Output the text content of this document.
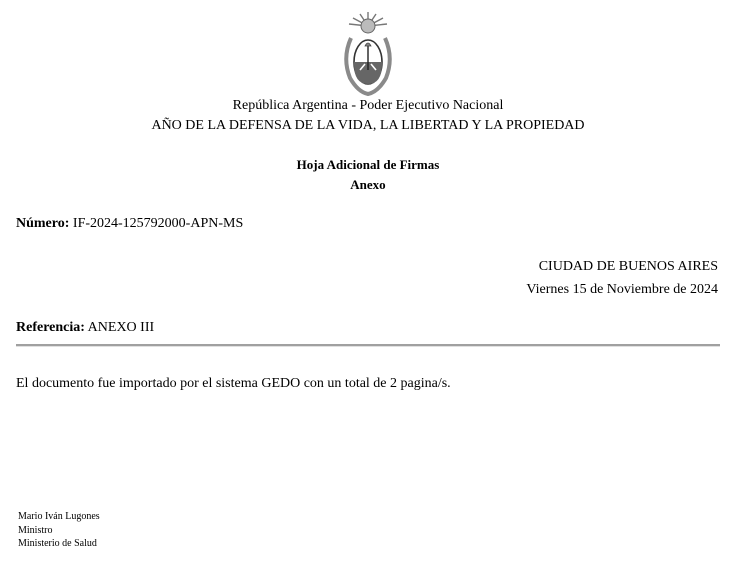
República Argentina - Poder Ejecutivo Nacional
AÑO DE LA DEFENSA DE LA VIDA, LA LIBERTAD Y LA PROPIEDAD
Hoja Adicional de Firmas
Anexo
Número: IF-2024-125792000-APN-MS
CIUDAD DE BUENOS AIRES
Viernes 15 de Noviembre de 2024
Referencia: ANEXO III
El documento fue importado por el sistema GEDO con un total de 2 pagina/s.
Mario Iván Lugones
Ministro
Ministerio de Salud
